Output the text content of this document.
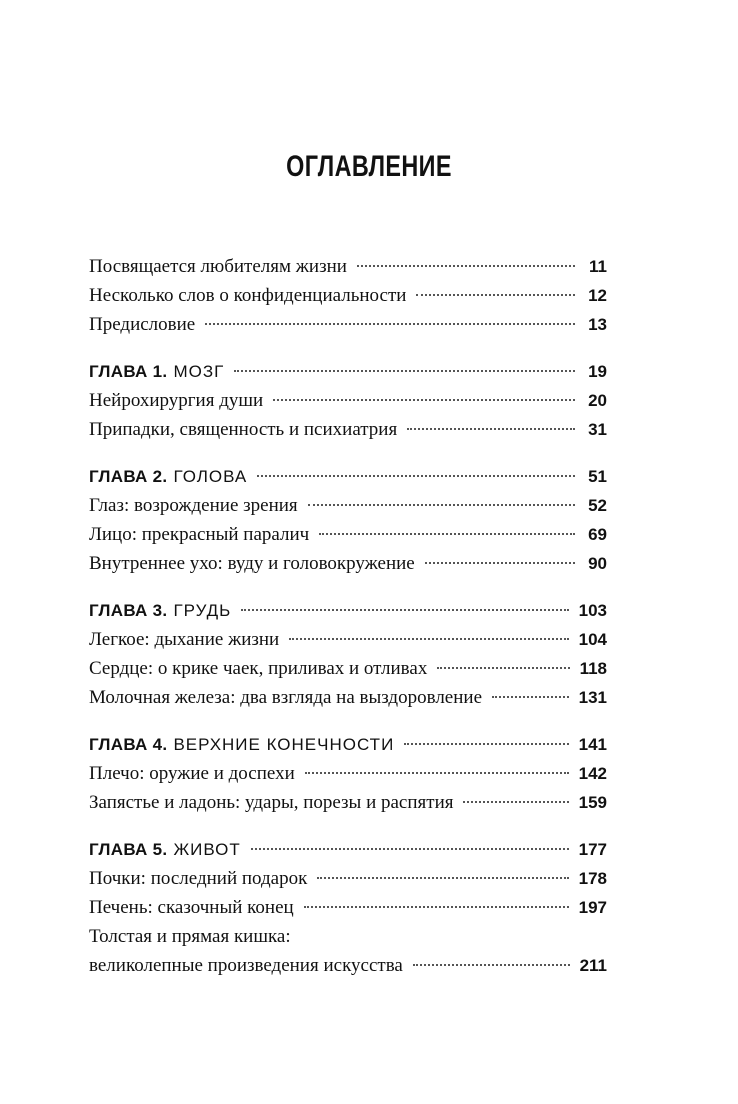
ОГЛАВЛЕНИЕ
Посвящается любителям жизни	11
Несколько слов о конфиденциальности	12
Предисловие	13
ГЛАВА 1. МОЗГ	19
Нейрохирургия души	20
Припадки, священность и психиатрия	31
ГЛАВА 2. ГОЛОВА	51
Глаз: возрождение зрения	52
Лицо: прекрасный паралич	69
Внутреннее ухо: вуду и головокружение	90
ГЛАВА 3. ГРУДЬ	103
Легкое: дыхание жизни	104
Сердце: о крике чаек, приливах и отливах	118
Молочная железа: два взгляда на выздоровление	131
ГЛАВА 4. ВЕРХНИЕ КОНЕЧНОСТИ	141
Плечо: оружие и доспехи	142
Запястье и ладонь: удары, порезы и распятия	159
ГЛАВА 5. ЖИВОТ	177
Почки: последний подарок	178
Печень: сказочный конец	197
Толстая и прямая кишка:
великолепные произведения искусства	211
